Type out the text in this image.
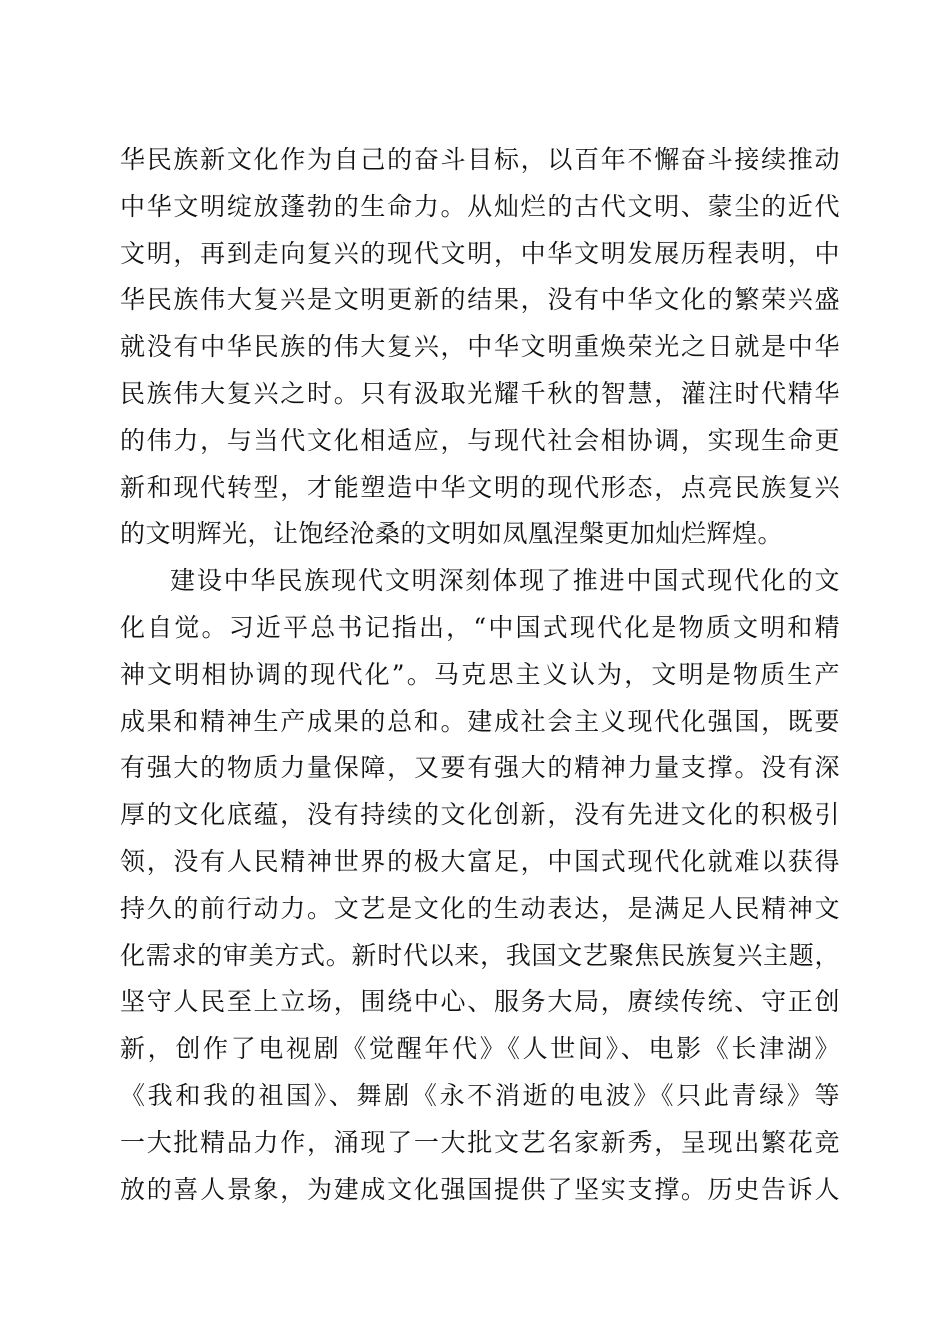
华民族新文化作为自己的奋斗目标，以百年不懈奋斗接续推动
中华文明绽放蓬勃的生命力。从灿烂的古代文明、蒙尘的近代
文明，再到走向复兴的现代文明，中华文明发展历程表明，中
华民族伟大复兴是文明更新的结果，没有中华文化的繁荣兴盛
就没有中华民族的伟大复兴，中华文明重焕荣光之日就是中华
民族伟大复兴之时。只有汲取光耀千秋的智慧，灌注时代精华
的伟力，与当代文化相适应，与现代社会相协调，实现生命更
新和现代转型，才能塑造中华文明的现代形态，点亮民族复兴
的文明辉光，让饱经沧桑的文明如凤凰涅槃更加灿烂辉煌。
建设中华民族现代文明深刻体现了推进中国式现代化的文
化自觉。习近平总书记指出，“中国式现代化是物质文明和精
神文明相协调的现代化”。马克思主义认为，文明是物质生产
成果和精神生产成果的总和。建成社会主义现代化强国，既要
有强大的物质力量保障，又要有强大的精神力量支撑。没有深
厚的文化底蕴，没有持续的文化创新，没有先进文化的积极引
领，没有人民精神世界的极大富足，中国式现代化就难以获得
持久的前行动力。文艺是文化的生动表达，是满足人民精神文
化需求的审美方式。新时代以来，我国文艺聚焦民族复兴主题，
坚守人民至上立场，围绕中心、服务大局，赓续传统、守正创
新，创作了电视剧《觉醒年代》《人世间》、电影《长津湖》
《我和我的祖国》、舞剧《永不消逝的电波》《只此青绿》等
一大批精品力作，涌现了一大批文艺名家新秀，呈现出繁花竞
放的喜人景象，为建成文化强国提供了坚实支撑。历史告诉人
